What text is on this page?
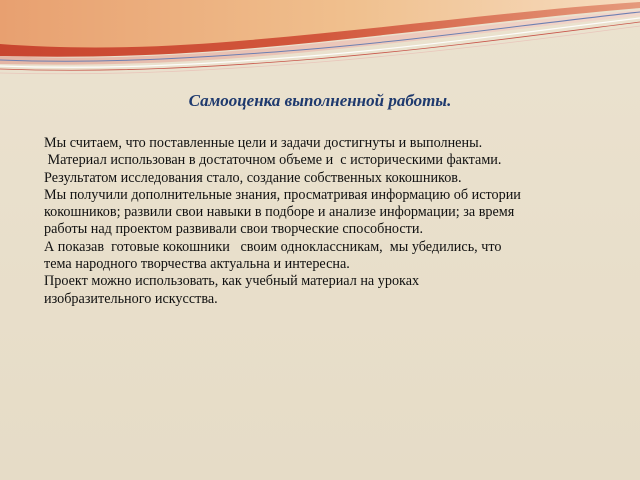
Самооценка выполненной работы.

Мы считаем, что поставленные цели и задачи достигнуты и выполнены.

Материал использован в достаточном объеме и  с историческими фактами.

Результатом исследования стало, создание собственных кокошников.

Мы получили дополнительные знания, просматривая информацию об истории

кокошников; развили свои навыки в подборе и анализе информации; за время

работы над проектом развивали свои творческие способности.

А показав  готовые кокошники   своим одноклассникам,  мы убедились, что

тема народного творчества актуальна и интересна.

Проект можно использовать, как учебный материал на уроках

изобразительного искусства.
